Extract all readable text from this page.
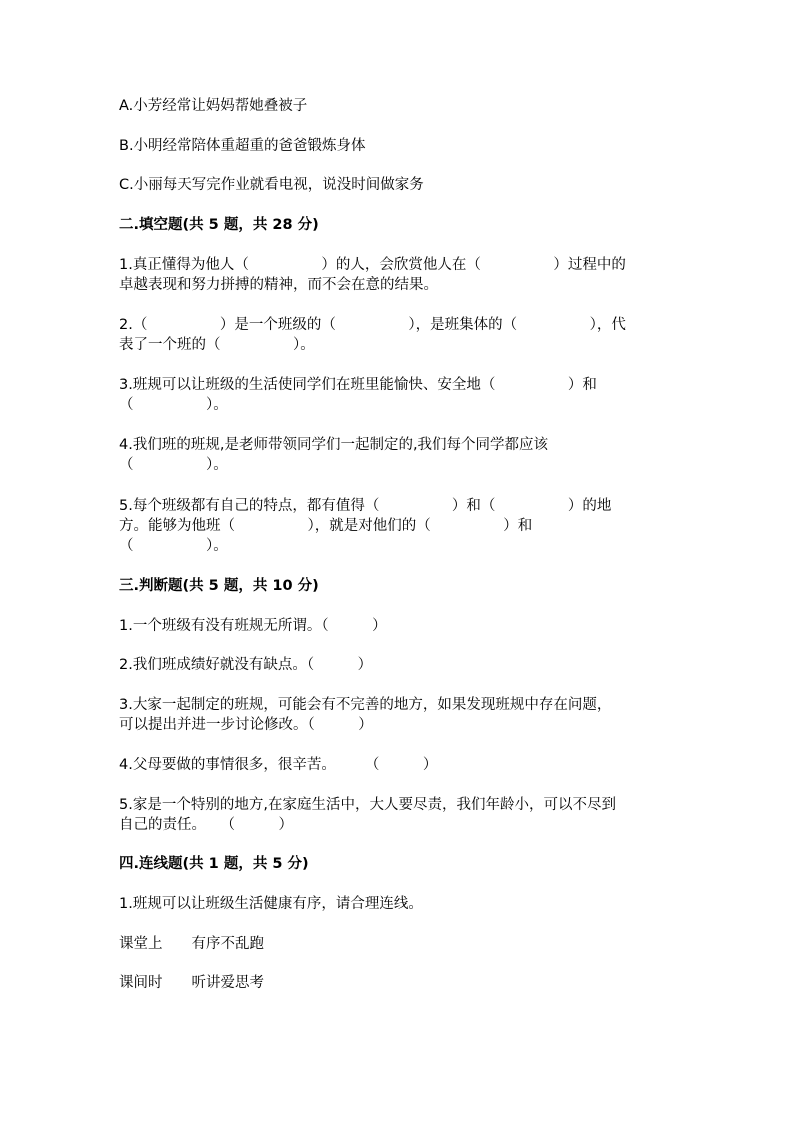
A.小芳经常让妈妈帮她叠被子
B.小明经常陪体重超重的爸爸锻炼身体
C.小丽每天写完作业就看电视，说没时间做家务
二.填空题(共 5 题，共 28 分)
1.真正懂得为他人（　　　　　）的人，会欣赏他人在（　　　　　）过程中的
卓越表现和努力拼搏的精神，而不会在意的结果。
2.（　　　　　）是一个班级的（　　　　　），是班集体的（　　　　　），代
表了一个班的（　　　　　）。
3.班规可以让班级的生活使同学们在班里能愉快、安全地（　　　　　）和
（　　　　　）。
4.我们班的班规,是老师带领同学们一起制定的,我们每个同学都应该
（　　　　　）。
5.每个班级都有自己的特点，都有值得（　　　　　）和（　　　　　）的地
方。能够为他班（　　　　　），就是对他们的（　　　　　）和
（　　　　　）。
三.判断题(共 5 题，共 10 分)
1.一个班级有没有班规无所谓。（　　　）
2.我们班成绩好就没有缺点。（　　　）
3.大家一起制定的班规，可能会有不完善的地方，如果发现班规中存在问题，
可以提出并进一步讨论修改。（　　　）
4.父母要做的事情很多，很辛苦。　　　（　　　）
5.家是一个特别的地方,在家庭生活中，大人要尽责，我们年龄小，可以不尽到
自己的责任。　　（　　　）
四.连线题(共 1 题，共 5 分)
1.班规可以让班级生活健康有序，请合理连线。
课堂上　　有序不乱跑
课间时　　听讲爱思考
